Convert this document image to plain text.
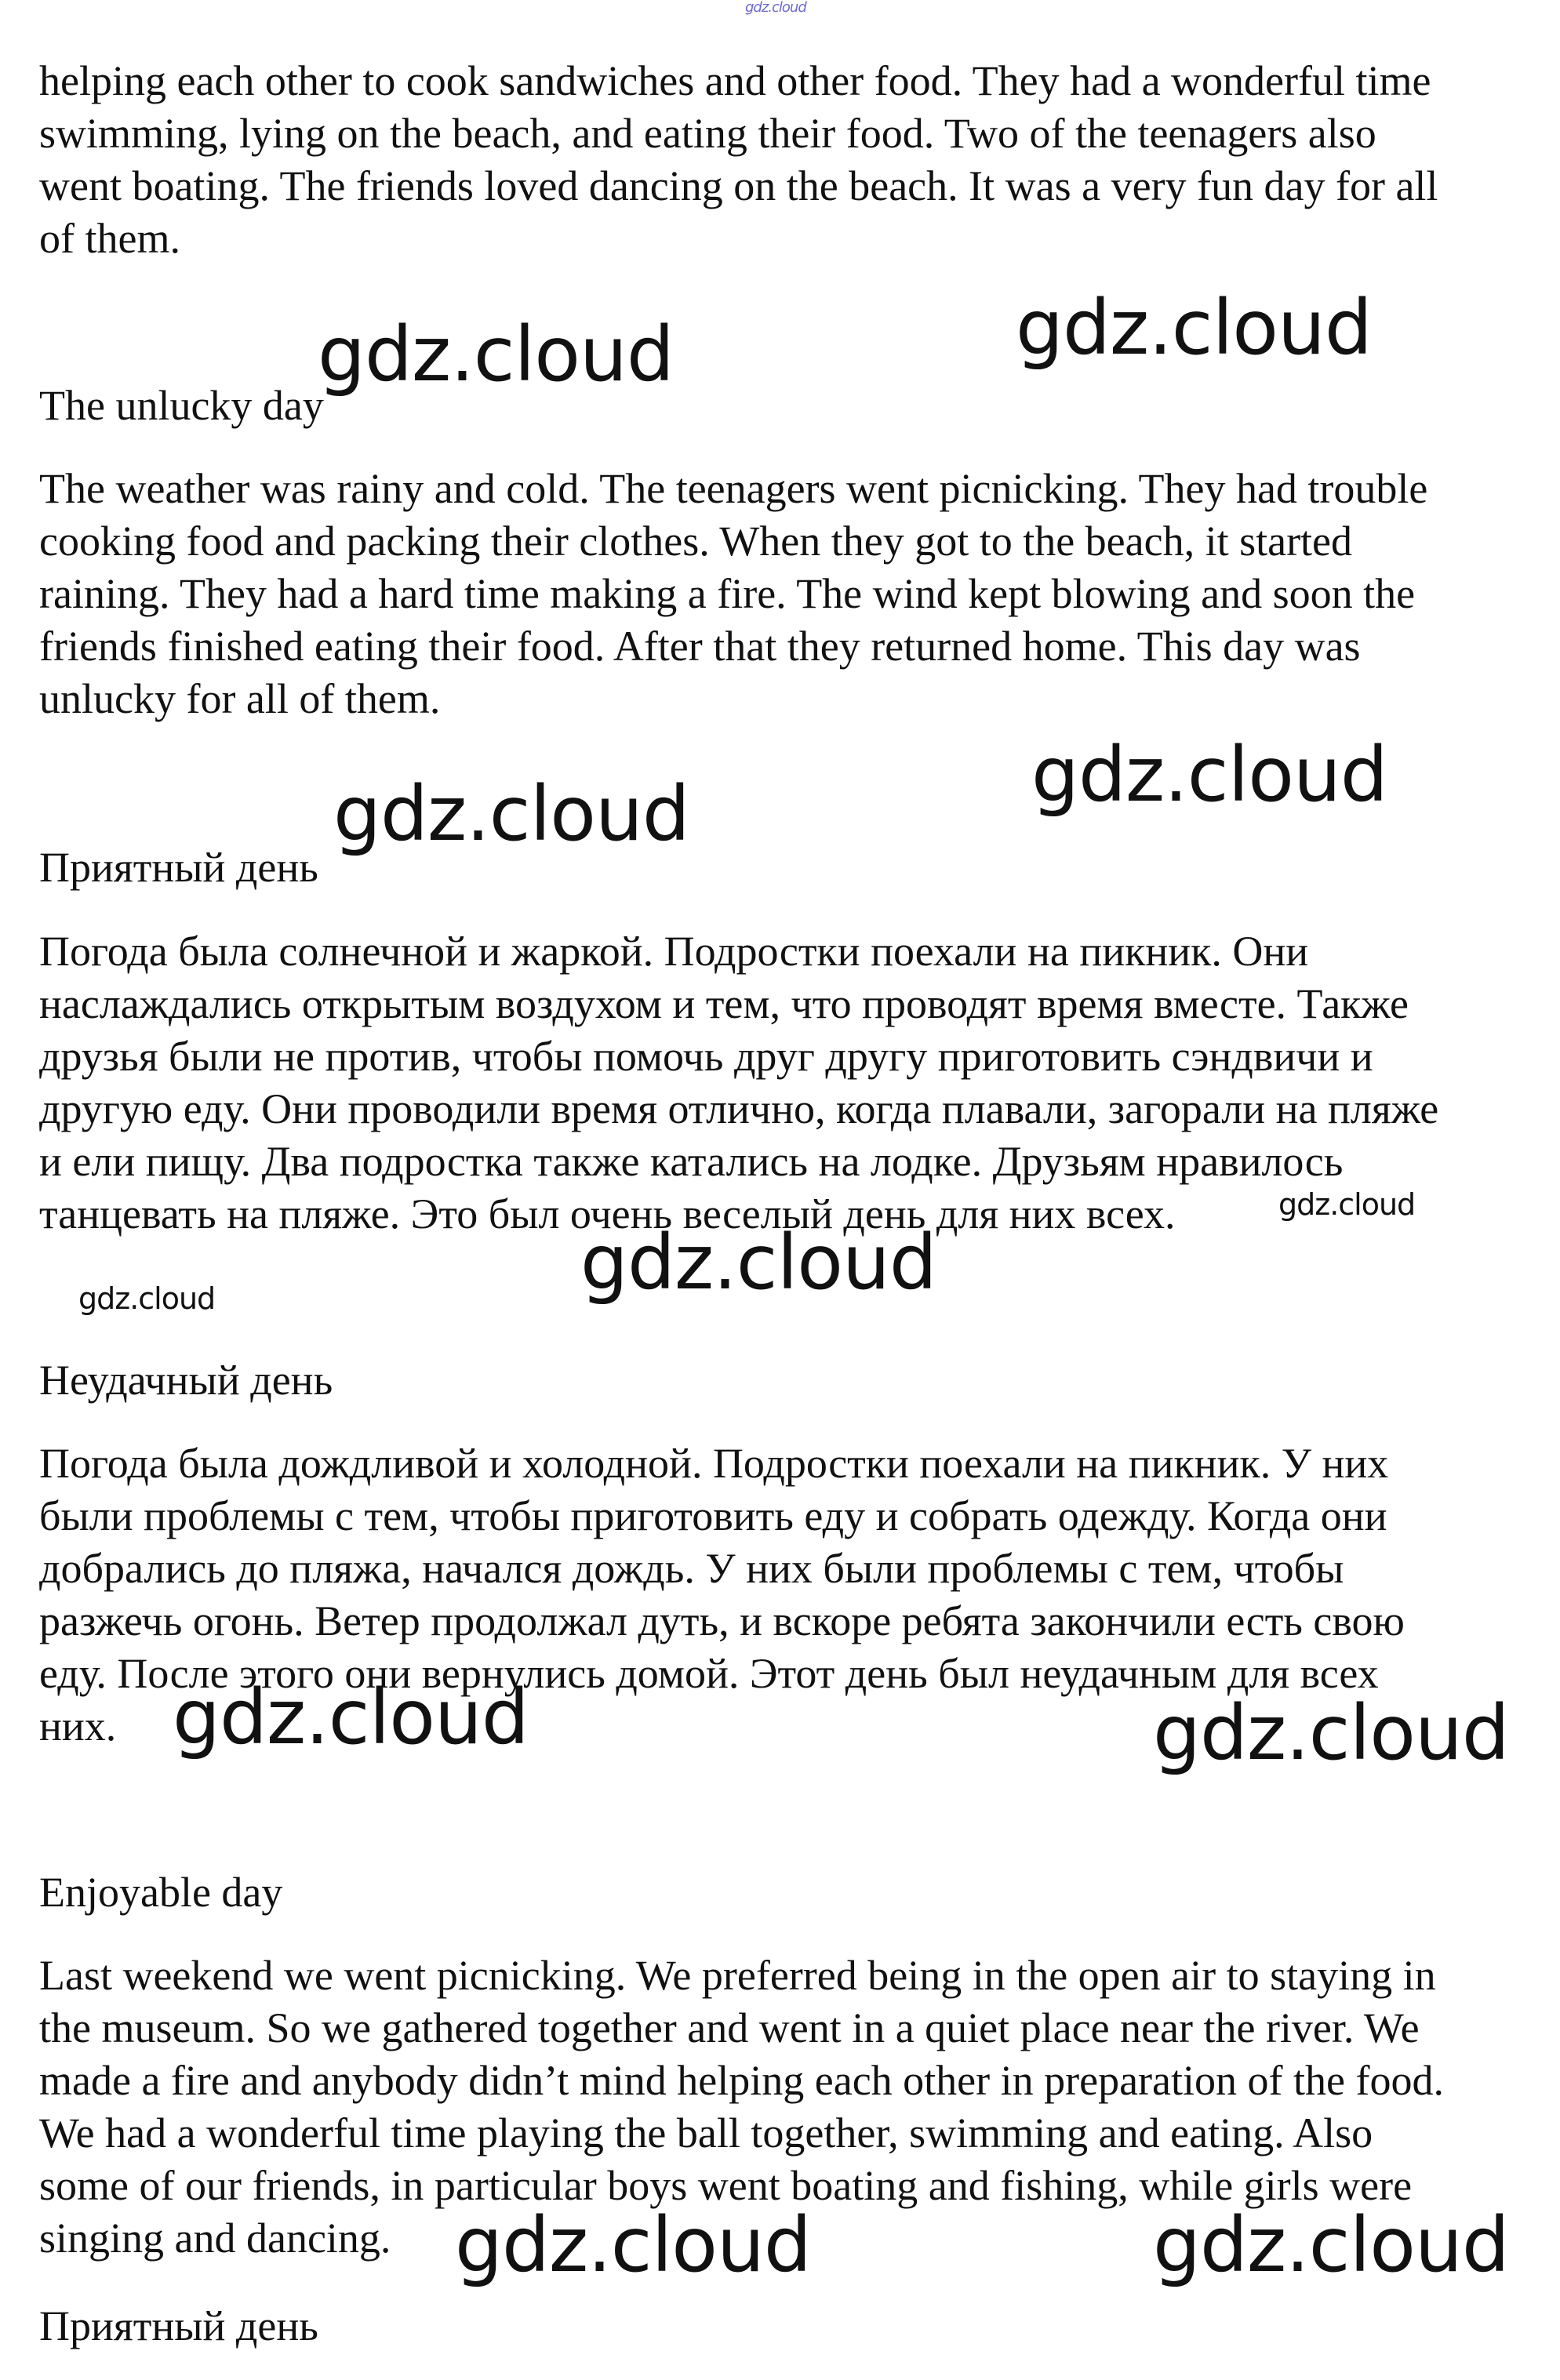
gdz.cloud
helping each other to cook sandwiches and other food. They had a wonderful time
swimming, lying on the beach, and eating their food. Two of the teenagers also
went boating. The friends loved dancing on the beach. It was a very fun day for all
of them.
The unlucky day
The weather was rainy and cold. The teenagers went picnicking. They had trouble
cooking food and packing their clothes. When they got to the beach, it started
raining. They had a hard time making a fire. The wind kept blowing and soon the
friends finished eating their food. After that they returned home. This day was
unlucky for all of them.
Приятный день
Погода была солнечной и жаркой. Подростки поехали на пикник. Они
наслаждались открытым воздухом и тем, что проводят время вместе. Также
друзья были не против, чтобы помочь друг другу приготовить сэндвичи и
другую еду. Они проводили время отлично, когда плавали, загорали на пляже
и ели пищу. Два подростка также катались на лодке. Друзьям нравилось
танцевать на пляже. Это был очень веселый день для них всех.
Неудачный день
Погода была дождливой и холодной. Подростки поехали на пикник. У них
были проблемы с тем, чтобы приготовить еду и собрать одежду. Когда они
добрались до пляжа, начался дождь. У них были проблемы с тем, чтобы
разжечь огонь. Ветер продолжал дуть, и вскоре ребята закончили есть свою
еду. После этого они вернулись домой. Этот день был неудачным для всех
них.
Enjoyable day
Last weekend we went picnicking. We preferred being in the open air to staying in
the museum. So we gathered together and went in a quiet place near the river. We
made a fire and anybody didn’t mind helping each other in preparation of the food.
We had a wonderful time playing the ball together, swimming and eating. Also
some of our friends, in particular boys went boating and fishing, while girls were
singing and dancing.
Приятный день
gdz.cloud	gdz.cloud
gdz.cloud	gdz.cloud
gdz.cloud
gdz.cloud
gdz.cloud
gdz.cloud	gdz.cloud
gdz.cloud	gdz.cloud
